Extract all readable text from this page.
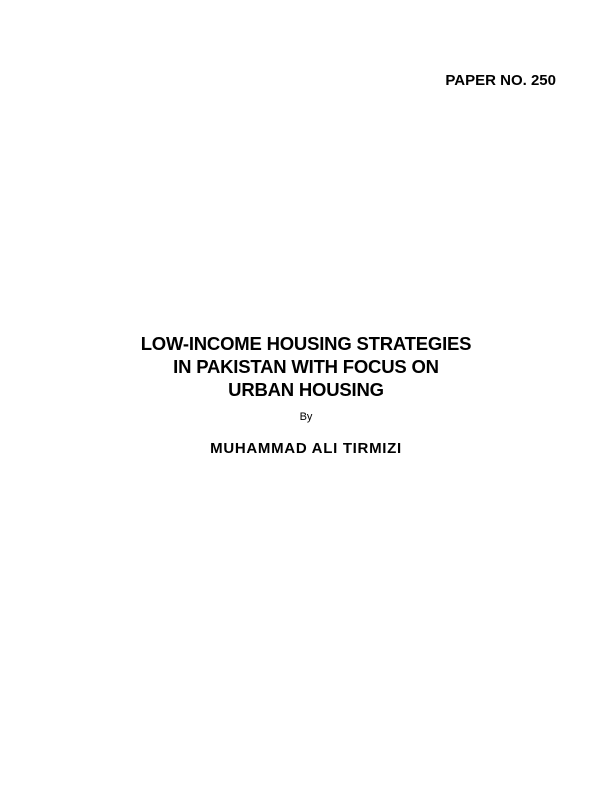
PAPER NO. 250
LOW-INCOME HOUSING STRATEGIES
IN PAKISTAN WITH FOCUS ON
URBAN HOUSING
By
MUHAMMAD ALI TIRMIZI
